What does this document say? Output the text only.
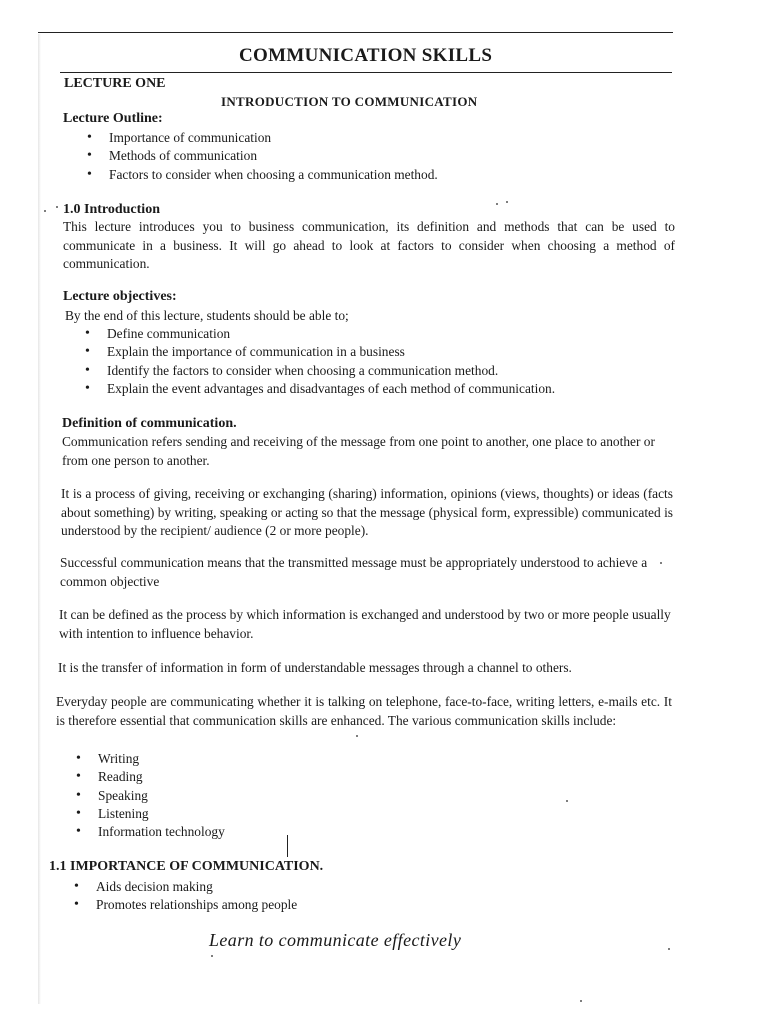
COMMUNICATION SKILLS
LECTURE ONE
INTRODUCTION TO COMMUNICATION
Lecture Outline:
• Importance of communication
• Methods of communication
• Factors to consider when choosing a communication method.
1.0 Introduction
This lecture introduces you to business communication, its definition and methods that can be used to communicate in a business. It will go ahead to look at factors to consider when choosing a method of communication.
Lecture objectives:
By the end of this lecture, students should be able to;
• Define communication
• Explain the importance of communication in a business
• Identify the factors to consider when choosing a communication method.
• Explain the event advantages and disadvantages of each method of communication.
Definition of communication.
Communication refers sending and receiving of the message from one point to another, one place to another or from one person to another.
It is a process of giving, receiving or exchanging (sharing) information, opinions (views, thoughts) or ideas (facts about something) by writing, speaking or acting so that the message (physical form, expressible) communicated is understood by the recipient/ audience (2 or more people).
Successful communication means that the transmitted message must be appropriately understood to achieve a common objective
It can be defined as the process by which information is exchanged and understood by two or more people usually with intention to influence behavior.
It is the transfer of information in form of understandable messages through a channel to others.
Everyday people are communicating whether it is talking on telephone, face-to-face, writing letters, e-mails etc. It is therefore essential that communication skills are enhanced. The various communication skills include:
• Writing
• Reading
• Speaking
• Listening
• Information technology
1.1 IMPORTANCE OF COMMUNICATION.
• Aids decision making
• Promotes relationships among people
Learn to communicate effectively
